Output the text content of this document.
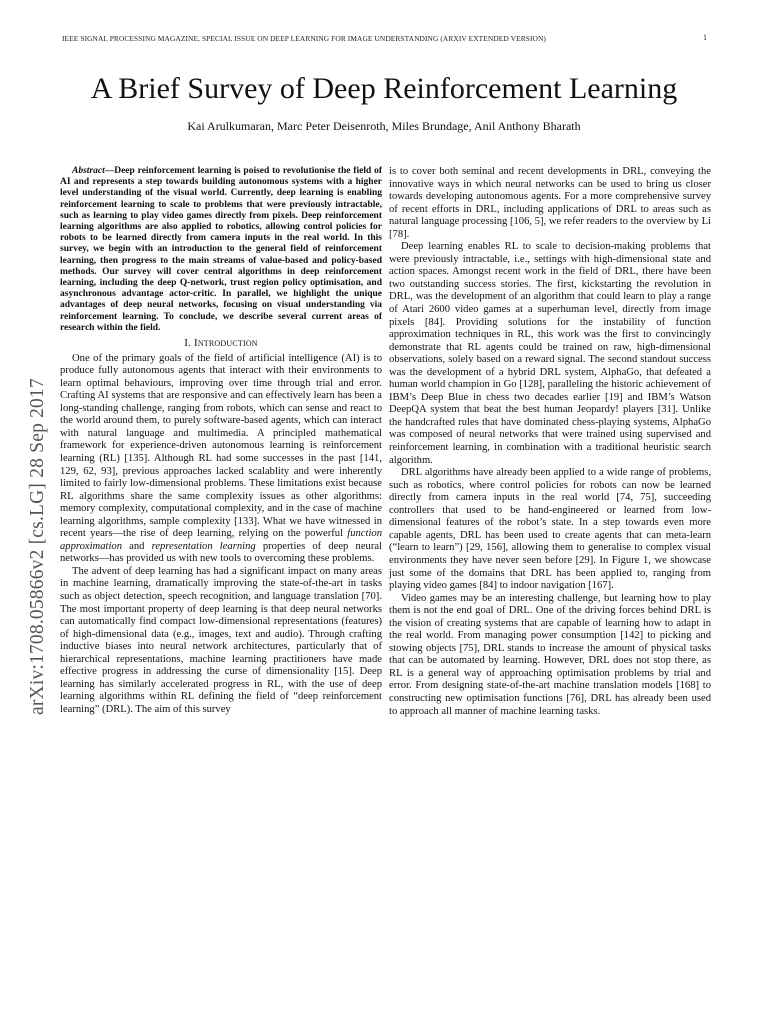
IEEE SIGNAL PROCESSING MAGAZINE, SPECIAL ISSUE ON DEEP LEARNING FOR IMAGE UNDERSTANDING (ARXIV EXTENDED VERSION)	1
A Brief Survey of Deep Reinforcement Learning
Kai Arulkumaran, Marc Peter Deisenroth, Miles Brundage, Anil Anthony Bharath
arXiv:1708.05866v2 [cs.LG] 28 Sep 2017

Abstract—Deep reinforcement learning is poised to revolutionise the field of AI and represents a step towards building autonomous systems with a higher level understanding of the visual world. Currently, deep learning is enabling reinforcement learning to scale to problems that were previously intractable, such as learning to play video games directly from pixels. Deep reinforcement learning algorithms are also applied to robotics, allowing control policies for robots to be learned directly from camera inputs in the real world. In this survey, we begin with an introduction to the general field of reinforcement learning, then progress to the main streams of value-based and policy-based methods. Our survey will cover central algorithms in deep reinforcement learning, including the deep Q-network, trust region policy optimisation, and asynchronous advantage actor-critic. In parallel, we highlight the unique advantages of deep neural networks, focusing on visual understanding via reinforcement learning. To conclude, we describe several current areas of research within the field.

I. Introduction

One of the primary goals of the field of artificial intelligence (AI) is to produce fully autonomous agents that interact with their environments to learn optimal behaviours, improving over time through trial and error. Crafting AI systems that are responsive and can effectively learn has been a long-standing challenge, ranging from robots, which can sense and react to the world around them, to purely software-based agents, which can interact with natural language and multimedia. A principled mathematical framework for experience-driven autonomous learning is reinforcement learning (RL) [135]. Although RL had some successes in the past [141, 129, 62, 93], previous approaches lacked scalablity and were inherently limited to fairly low-dimensional problems. These limitations exist because RL algorithms share the same complexity issues as other algorithms: memory complexity, computational complexity, and in the case of machine learning algorithms, sample complexity [133]. What we have witnessed in recent years—the rise of deep learning, relying on the powerful function approximation and representation learning properties of deep neural networks—has provided us with new tools to overcoming these problems.

The advent of deep learning has had a significant impact on many areas in machine learning, dramatically improving the state-of-the-art in tasks such as object detection, speech recognition, and language translation [70]. The most important property of deep learning is that deep neural networks can automatically find compact low-dimensional representations (features) of high-dimensional data (e.g., images, text and audio). Through crafting inductive biases into neural network architectures, particularly that of hierarchical representations, machine learning practitioners have made effective progress in addressing the curse of dimensionality [15]. Deep learning has similarly accelerated progress in RL, with the use of deep learning algorithms within RL defining the field of “deep reinforcement learning” (DRL). The aim of this survey

is to cover both seminal and recent developments in DRL, conveying the innovative ways in which neural networks can be used to bring us closer towards developing autonomous agents. For a more comprehensive survey of recent efforts in DRL, including applications of DRL to areas such as natural language processing [106, 5], we refer readers to the overview by Li [78].

Deep learning enables RL to scale to decision-making problems that were previously intractable, i.e., settings with high-dimensional state and action spaces. Amongst recent work in the field of DRL, there have been two outstanding success stories. The first, kickstarting the revolution in DRL, was the development of an algorithm that could learn to play a range of Atari 2600 video games at a superhuman level, directly from image pixels [84]. Providing solutions for the instability of function approximation techniques in RL, this work was the first to convincingly demonstrate that RL agents could be trained on raw, high-dimensional observations, solely based on a reward signal. The second standout success was the development of a hybrid DRL system, AlphaGo, that defeated a human world champion in Go [128], paralleling the historic achievement of IBM’s Deep Blue in chess two decades earlier [19] and IBM’s Watson DeepQA system that beat the best human Jeopardy! players [31]. Unlike the handcrafted rules that have dominated chess-playing systems, AlphaGo was composed of neural networks that were trained using supervised and reinforcement learning, in combination with a traditional heuristic search algorithm.

DRL algorithms have already been applied to a wide range of problems, such as robotics, where control policies for robots can now be learned directly from camera inputs in the real world [74, 75], succeeding controllers that used to be hand-engineered or learned from low-dimensional features of the robot’s state. In a step towards even more capable agents, DRL has been used to create agents that can meta-learn (“learn to learn”) [29, 156], allowing them to generalise to complex visual environments they have never seen before [29]. In Figure 1, we showcase just some of the domains that DRL has been applied to, ranging from playing video games [84] to indoor navigation [167].

Video games may be an interesting challenge, but learning how to play them is not the end goal of DRL. One of the driving forces behind DRL is the vision of creating systems that are capable of learning how to adapt in the real world. From managing power consumption [142] to picking and stowing objects [75], DRL stands to increase the amount of physical tasks that can be automated by learning. However, DRL does not stop there, as RL is a general way of approaching optimisation problems by trial and error. From designing state-of-the-art machine translation models [168] to constructing new optimisation functions [76], DRL has already been used to approach all manner of machine learning tasks.
